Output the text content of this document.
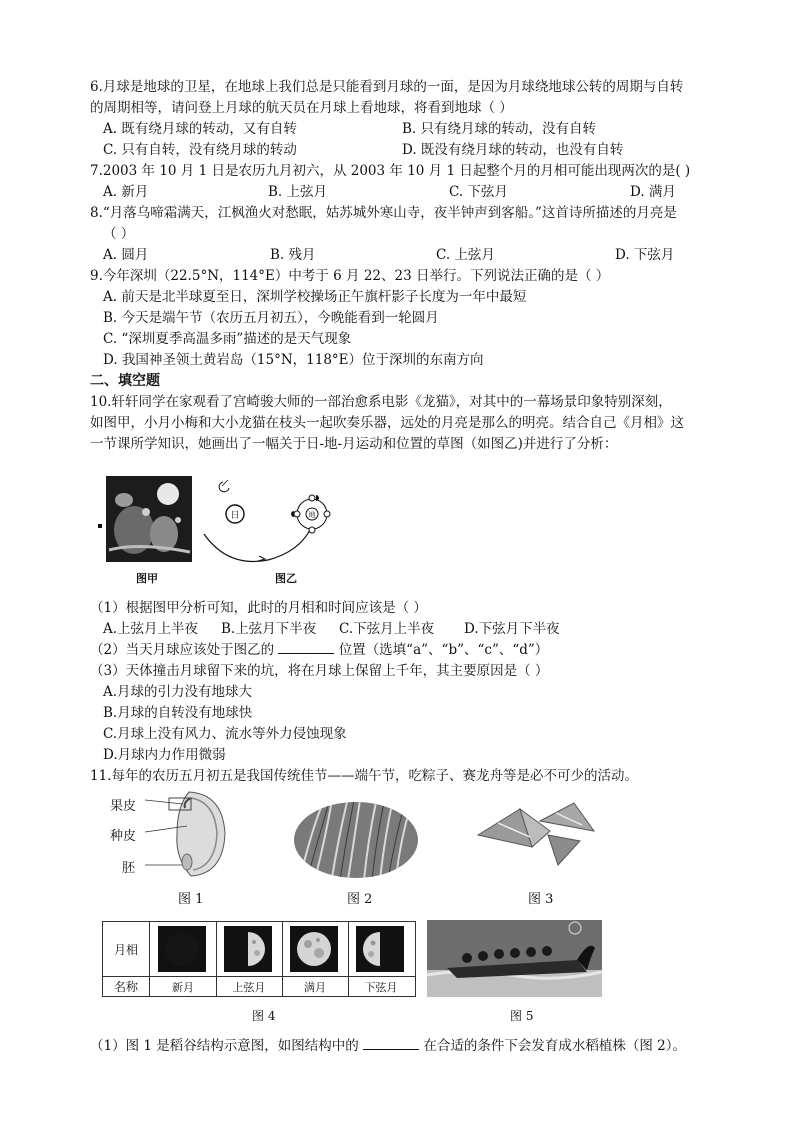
6.月球是地球的卫星，在地球上我们总是只能看到月球的一面，是因为月球绕地球公转的周期与自转
的周期相等，请问登上月球的航天员在月球上看地球，将看到地球（ ）
A. 既有绕月球的转动，又有自转	B. 只有绕月球的转动，没有自转
C. 只有自转，没有绕月球的转动	D. 既没有绕月球的转动，也没有自转
7.2003 年 10 月 1 日是农历九月初六，从 2003 年 10 月 1 日起整个月的月相可能出现两次的是( )
A. 新月	B. 上弦月	C. 下弦月	D. 满月
8.“月落乌啼霜满天，江枫渔火对愁眠，姑苏城外寒山寺，夜半钟声到客船。”这首诗所描述的月亮是
（ ）
A. 圆月	B. 残月	C. 上弦月	D. 下弦月
9.今年深圳（22.5°N，114°E）中考于 6 月 22、23 日举行。下列说法正确的是（ ）
A. 前天是北半球夏至日，深圳学校操场正午旗杆影子长度为一年中最短
B. 今天是端午节（农历五月初五），今晚能看到一轮圆月
C. “深圳夏季高温多雨”描述的是天气现象
D. 我国神圣领土黄岩岛（15°N，118°E）位于深圳的东南方向
二、填空题
10.轩轩同学在家观看了宫崎骏大师的一部治愈系电影《龙猫》，对其中的一幕场景印象特别深刻，
如图甲，小月小梅和大小龙猫在枝头一起吹奏乐器，远处的月亮是那么的明亮。结合自己《月相》这
一节课所学知识，她画出了一幅关于日-地-月运动和位置的草图（如图乙)并进行了分析：
图甲
日	地
图乙
（1）根据图甲分析可知，此时的月相和时间应该是（ ）
A.上弦月上半夜 B.上弦月下半夜 C.下弦月上半夜 D.下弦月下半夜
（2）当天月球应该处于图乙的	位置（选填“a”、“b”、“c”、“d”）
（3）天体撞击月球留下来的坑，将在月球上保留上千年，其主要原因是（ ）
A.月球的引力没有地球大
B.月球的自转没有地球快
C.月球上没有风力、流水等外力侵蚀现象
D.月球内力作用微弱
11.每年的农历五月初五是我国传统佳节——端午节，吃粽子、赛龙舟等是必不可少的活动。
果皮
种皮
胚
图 1	图 2	图 3
月相
名称	新月	上弦月	满月	下弦月
图 4	图 5
（1）图 1 是稻谷结构示意图，如图结构中的	在合适的条件下会发育成水稻植株（图 2）。
